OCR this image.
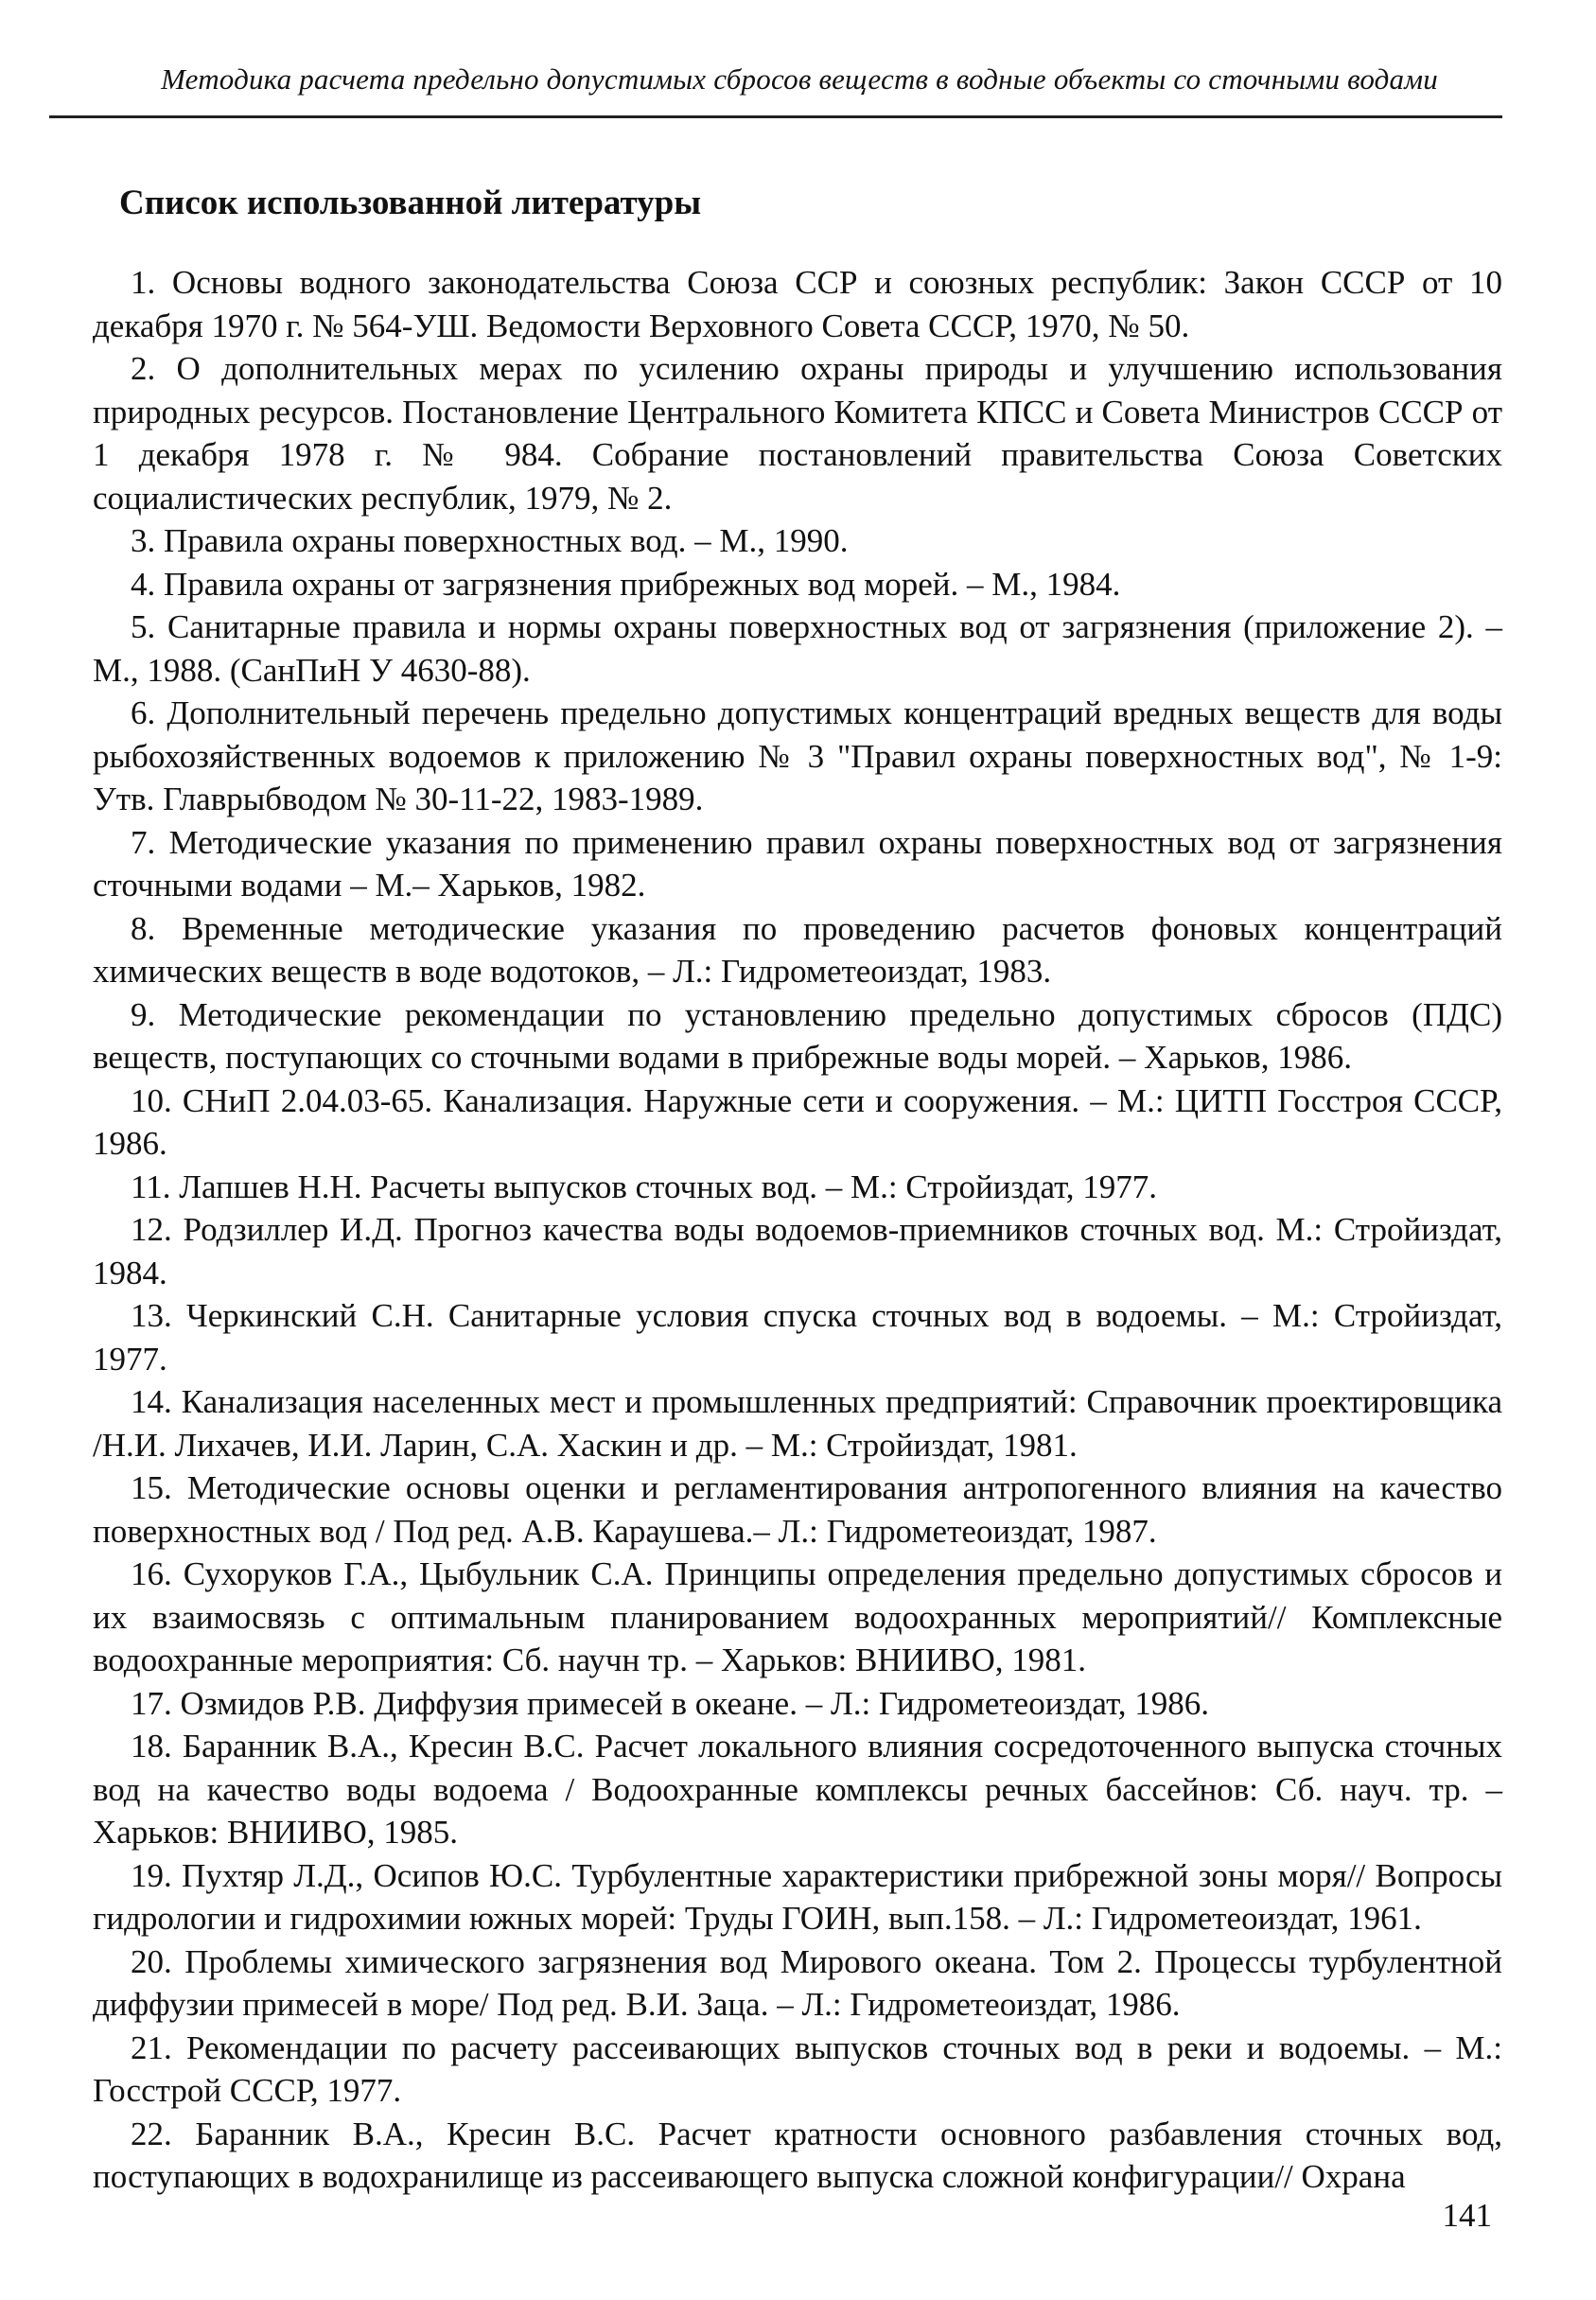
Методика расчета предельно допустимых сбросов веществ в водные объекты со сточными водами
Список использованной литературы

1. Основы водного законодательства Союза ССР и союзных республик: Закон СССР от 10 декабря 1970 г. № 564-УШ. Ведомости Верховного Совета СССР, 1970, № 50.

2. О дополнительных мерах по усилению охраны природы и улучшению использования природных ресурсов. Постановление Центрального Комитета КПСС и Совета Министров СССР от 1 декабря 1978 г. № 984. Собрание постановлений правительства Союза Советских социалистических республик, 1979, № 2.

3. Правила охраны поверхностных вод. – М., 1990.

4. Правила охраны от загрязнения прибрежных вод морей. – М., 1984.

5. Санитарные правила и нормы охраны поверхностных вод от загрязнения (приложение 2). – М., 1988. (СанПиН У 4630-88).

6. Дополнительный перечень предельно допустимых концентраций вредных веществ для воды рыбохозяйственных водоемов к приложению № 3 "Правил охраны поверхностных вод", № 1-9: Утв. Главрыбводом № 30-11-22, 1983-1989.

7. Методические указания по применению правил охраны поверхностных вод от загрязнения сточными водами – М.– Харьков, 1982.

8. Временные методические указания по проведению расчетов фоновых концентраций химических веществ в воде водотоков, – Л.: Гидрометеоиздат, 1983.

9. Методические рекомендации по установлению предельно допустимых сбросов (ПДС) веществ, поступающих со сточными водами в прибрежные воды морей. – Харьков, 1986.

10. СНиП 2.04.03-65. Канализация. Наружные сети и сооружения. – М.: ЦИТП Госстроя СССР, 1986.

11. Лапшев Н.Н. Расчеты выпусков сточных вод. – М.: Стройиздат, 1977.

12. Родзиллер И.Д. Прогноз качества воды водоемов-приемников сточных вод. М.: Стройиздат, 1984.

13. Черкинский С.Н. Санитарные условия спуска сточных вод в водоемы. – М.: Стройиздат, 1977.

14. Канализация населенных мест и промышленных предприятий: Справочник проектировщика /Н.И. Лихачев, И.И. Ларин, С.А. Хаскин и др. – М.: Стройиздат, 1981.

15. Методические основы оценки и регламентирования антропогенного влияния на качество поверхностных вод / Под ред. А.В. Караушева.– Л.: Гидрометеоиздат, 1987.

16. Сухоруков Г.А., Цыбульник С.А. Принципы определения предельно допустимых сбросов и их взаимосвязь с оптимальным планированием водоохранных мероприятий// Комплексные водоохранные мероприятия: Сб. научн тр. – Харьков: ВНИИВО, 1981.

17. Озмидов Р.В. Диффузия примесей в океане. – Л.: Гидрометеоиздат, 1986.

18. Баранник В.А., Кресин В.С. Расчет локального влияния сосредоточенного выпуска сточных вод на качество воды водоема / Водоохранные комплексы речных бассейнов: Сб. науч. тр. – Харьков: ВНИИВО, 1985.

19. Пухтяр Л.Д., Осипов Ю.С. Турбулентные характеристики прибрежной зоны моря// Вопросы гидрологии и гидрохимии южных морей: Труды ГОИН, вып.158. – Л.: Гидрометеоиздат, 1961.

20. Проблемы химического загрязнения вод Мирового океана. Том 2. Процессы турбулентной диффузии примесей в море/ Под ред. В.И. Заца. – Л.: Гидрометеоиздат, 1986.

21. Рекомендации по расчету рассеивающих выпусков сточных вод в реки и водоемы. – М.: Госстрой СССР, 1977.

22. Баранник В.А., Кресин В.С. Расчет кратности основного разбавления сточных вод, поступающих в водохранилище из рассеивающего выпуска сложной конфигурации// Охрана

141
